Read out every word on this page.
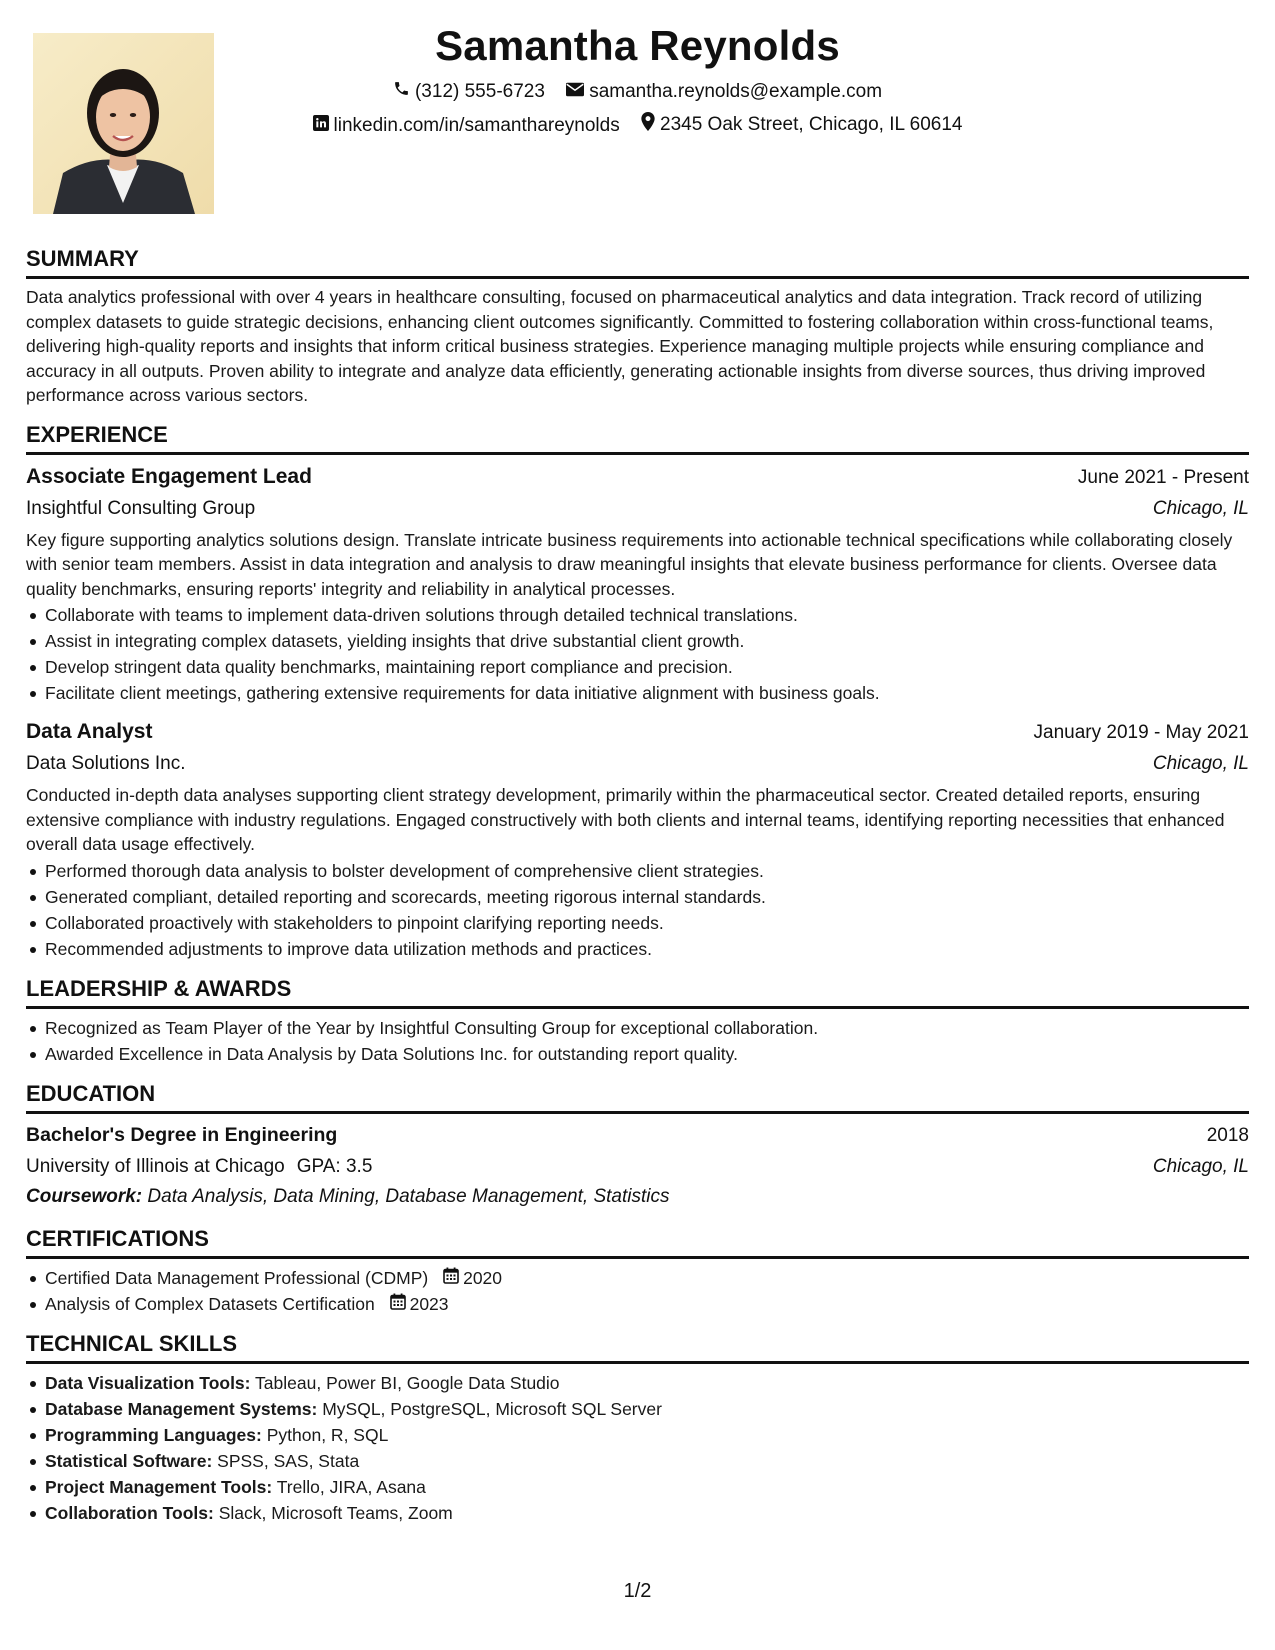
Samantha Reynolds
(312) 555-6723
samantha.reynolds@example.com
linkedin.com/in/samanthareynolds
2345 Oak Street, Chicago, IL 60614
SUMMARY
Data analytics professional with over 4 years in healthcare consulting, focused on pharmaceutical analytics and data integration. Track record of utilizing complex datasets to guide strategic decisions, enhancing client outcomes significantly. Committed to fostering collaboration within cross-functional teams, delivering high-quality reports and insights that inform critical business strategies. Experience managing multiple projects while ensuring compliance and accuracy in all outputs. Proven ability to integrate and analyze data efficiently, generating actionable insights from diverse sources, thus driving improved performance across various sectors.
EXPERIENCE
Associate Engagement Lead	June 2021 - Present
Insightful Consulting Group	Chicago, IL
Key figure supporting analytics solutions design. Translate intricate business requirements into actionable technical specifications while collaborating closely with senior team members. Assist in data integration and analysis to draw meaningful insights that elevate business performance for clients. Oversee data quality benchmarks, ensuring reports' integrity and reliability in analytical processes.
Collaborate with teams to implement data-driven solutions through detailed technical translations.
Assist in integrating complex datasets, yielding insights that drive substantial client growth.
Develop stringent data quality benchmarks, maintaining report compliance and precision.
Facilitate client meetings, gathering extensive requirements for data initiative alignment with business goals.
Data Analyst	January 2019 - May 2021
Data Solutions Inc.	Chicago, IL
Conducted in-depth data analyses supporting client strategy development, primarily within the pharmaceutical sector. Created detailed reports, ensuring extensive compliance with industry regulations. Engaged constructively with both clients and internal teams, identifying reporting necessities that enhanced overall data usage effectively.
Performed thorough data analysis to bolster development of comprehensive client strategies.
Generated compliant, detailed reporting and scorecards, meeting rigorous internal standards.
Collaborated proactively with stakeholders to pinpoint clarifying reporting needs.
Recommended adjustments to improve data utilization methods and practices.
LEADERSHIP & AWARDS
Recognized as Team Player of the Year by Insightful Consulting Group for exceptional collaboration.
Awarded Excellence in Data Analysis by Data Solutions Inc. for outstanding report quality.
EDUCATION
Bachelor's Degree in Engineering	2018
University of Illinois at Chicago GPA: 3.5	Chicago, IL
Coursework: Data Analysis, Data Mining, Database Management, Statistics
CERTIFICATIONS
Certified Data Management Professional (CDMP) 2020
Analysis of Complex Datasets Certification 2023
TECHNICAL SKILLS
Data Visualization Tools: Tableau, Power BI, Google Data Studio
Database Management Systems: MySQL, PostgreSQL, Microsoft SQL Server
Programming Languages: Python, R, SQL
Statistical Software: SPSS, SAS, Stata
Project Management Tools: Trello, JIRA, Asana
Collaboration Tools: Slack, Microsoft Teams, Zoom
1/2
